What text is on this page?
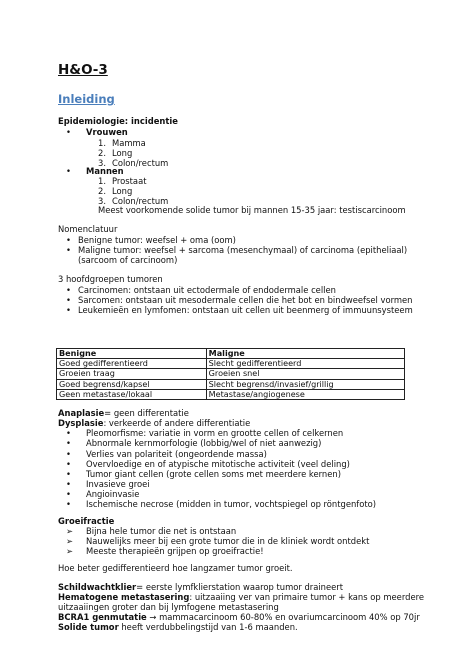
H&O-3
Inleiding
Epidemiologie: incidentie
• Vrouwen
1. Mamma
2. Long
3. Colon/rectum
• Mannen
1. Prostaat
2. Long
3. Colon/rectum
Meest voorkomende solide tumor bij mannen 15-35 jaar: testiscarcinoom
Nomenclatuur
• Benigne tumor: weefsel + oma (oom)
• Maligne tumor: weefsel + sarcoma (mesenchymaal) of carcinoma (epitheliaal)
(sarcoom of carcinoom)
3 hoofdgroepen tumoren
• Carcinomen: ontstaan uit ectodermale of endodermale cellen
• Sarcomen: ontstaan uit mesodermale cellen die het bot en bindweefsel vormen
• Leukemieën en lymfomen: ontstaan uit cellen uit beenmerg of immuunsysteem
Benigne	Maligne
Goed gedifferentieerd	Slecht gedifferentieerd
Groeien traag	Groeien snel
Goed begrensd/kapsel	Slecht begrensd/invasief/grillig
Geen metastase/lokaal	Metastase/angiogenese
Anaplasie= geen differentatie
Dysplasie: verkeerde of andere differentiatie
• Pleomorfisme: variatie in vorm en grootte cellen of celkernen
• Abnormale kernmorfologie (lobbig/wel of niet aanwezig)
• Verlies van polariteit (ongeordende massa)
• Overvloedige en of atypische mitotische activiteit (veel deling)
• Tumor giant cellen (grote cellen soms met meerdere kernen)
• Invasieve groei
• Angioinvasie
• Ischemische necrose (midden in tumor, vochtspiegel op röntgenfoto)
Groeifractie
➢ Bijna hele tumor die net is ontstaan
➢ Nauwelijks meer bij een grote tumor die in de kliniek wordt ontdekt
➢ Meeste therapieën grijpen op groeifractie!
Hoe beter gedifferentieerd hoe langzamer tumor groeit.
Schildwachtklier= eerste lymfklierstation waarop tumor draineert
Hematogene metastasering: uitzaaiing ver van primaire tumor + kans op meerdere
uitzaaiingen groter dan bij lymfogene metastasering
BCRA1 genmutatie → mammacarcinoom 60-80% en ovariumcarcinoom 40% op 70jr
Solide tumor heeft verdubbelingstijd van 1-6 maanden.
